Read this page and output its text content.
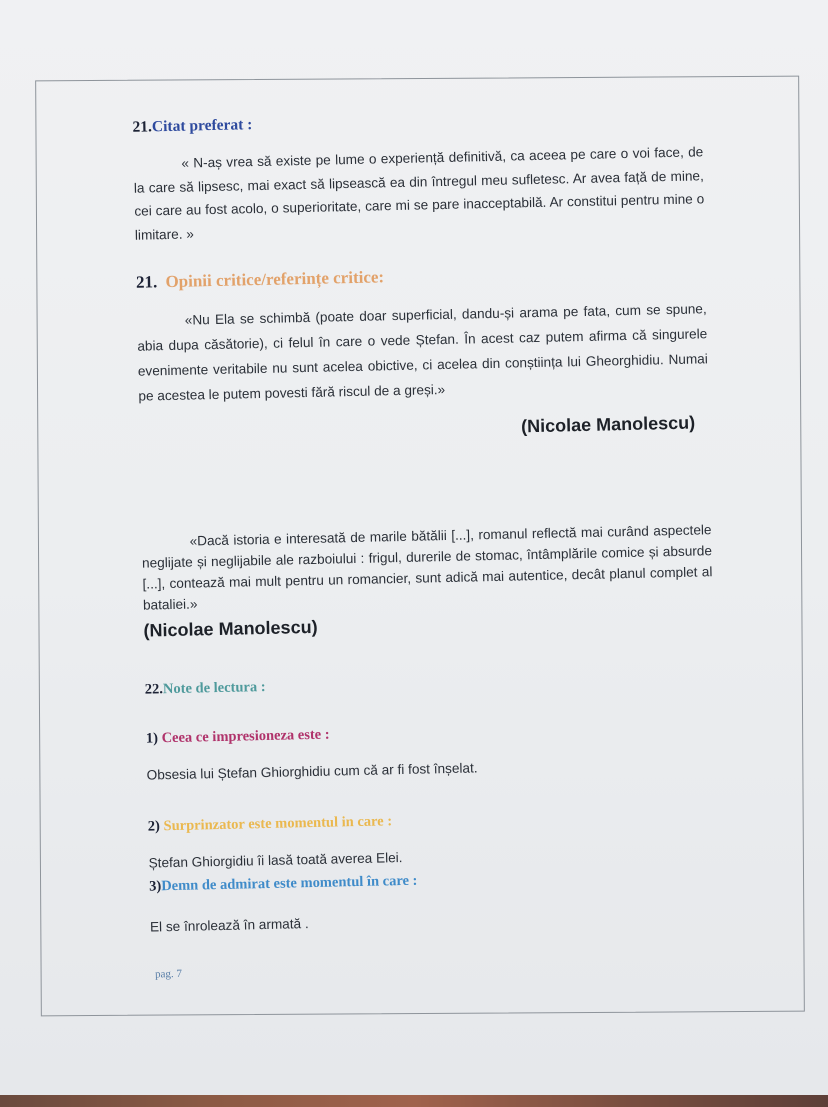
21.Citat preferat :

« N-aș vrea să existe pe lume o experiență definitivă, ca aceea pe care o voi face, de la care să lipsesc, mai exact să lipsească ea din întregul meu sufletesc. Ar avea față de mine, cei care au fost acolo, o superioritate, care mi se pare inacceptabilă. Ar constitui pentru mine o limitare. »

21. Opinii critice/referințe critice:

«Nu Ela se schimbă (poate doar superficial, dandu-și arama pe fata, cum se spune, abia dupa căsătorie), ci felul în care o vede Ștefan. În acest caz putem afirma că singurele evenimente veritabile nu sunt acelea obictive, ci acelea din conștiința lui Gheorghidiu. Numai pe acestea le putem povesti fără riscul de a greși.»

(Nicolae Manolescu)

«Dacă istoria e interesată de marile bătălii [...], romanul reflectă mai curând aspectele neglijate și neglijabile ale razboiului : frigul, durerile de stomac, întâmplările comice și absurde [...], contează mai mult pentru un romancier, sunt adică mai autentice, decât planul complet al bataliei.»

(Nicolae Manolescu)

22.Note de lectura :

1) Ceea ce impresioneza este :

Obsesia lui Ștefan Ghiorghidiu cum că ar fi fost înșelat.

2) Surprinzator este momentul in care :

Ștefan Ghiorgidiu îi lasă toată averea Elei.

3)Demn de admirat este momentul în care :

El se înrolează în armată .

pag. 7
